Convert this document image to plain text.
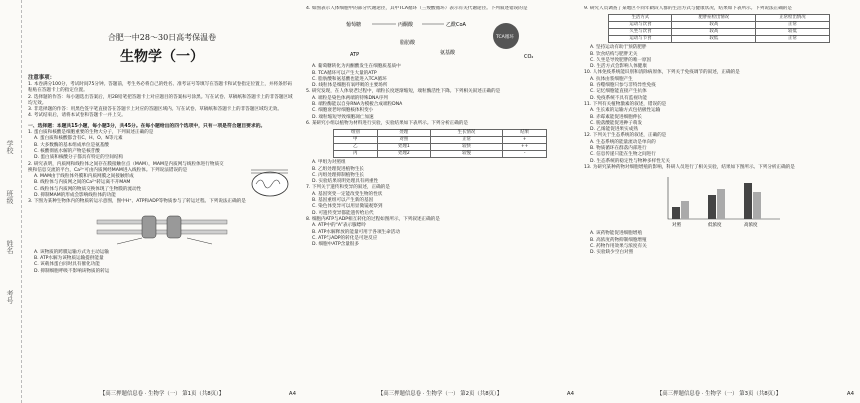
学校
班级
姓名
考号
合肥一中28～30日高考保温卷
生物学（一）
注意事项：
1. 本卷满分100分，考试时间75分钟。答题前，考生务必将自己的姓名、准考证号等填写在答题卡和试卷指定位置上，并将条形码粘贴在答题卡上的指定位置。
2. 选择题的作答：每小题选出答案后，用2B铅笔把答题卡上对应题目的答案标号涂黑。写在试卷、草稿纸和答题卡上的非答题区域均无效。
3. 非选择题的作答：用黑色签字笔直接答在答题卡上对应的答题区域内。写在试卷、草稿纸和答题卡上的非答题区域均无效。
4. 考试结束后，请将本试卷和答题卡一并上交。
一、选择题：本题共15小题，每小题3分，共45分。在每小题给出的四个选项中，只有一项是符合题目要求的。
1. 蛋白质和核酸是细胞重要的生物大分子，下列叙述正确的是
A. 蛋白质和核酸都含有C、H、O、N等元素
B. 大多数酶的基本组成单位是氨基酸
C. 核酸彻底水解的产物是核苷酸
D. 蛋白质和核酸分子都具有特定的空间结构
2. 研究表明，内质网和线粒体之间存在膜接触位点（MAM），MAM是内质网与线粒体进行物质交换和信息交流的平台，Ca²⁺可由内质网经MAM进入线粒体。下列说法错误的是
A. MAM由于线粒体外膜和内质网膜之间接触形成
B. 线粒体与内质网之间的Ca²⁺转运离不开MAM
C. 线粒体与内质网的物质交换体现了生物膜的流动性
D. 抑制MAM的形成会影响线粒体的功能
3. 下图为某种生物体内的物质转运示意图，图中H⁺、ATP和ADP等物质参与了转运过程。下列说法正确的是
A. 该物质的跨膜运输方式为主动运输
B. ATP水解为该物质运输提供能量
C. 该载体蛋白同时具有催化功能
D. 抑制细胞呼吸不影响该物质的转运
4. 如图表示人体细胞中的部分代谢途径，其中TCA循环（三羧酸循环）表示有关代谢途径。下列叙述错误的是
葡萄糖	丙酮酸	乙酰CoA
TCA循环
脂肪酸
氨基酸
ATP	CO₂
A. 葡萄糖转化为丙酮酸发生在细胞质基质中
B. TCA循环可以产生大量的ATP
C. 脂肪酸和氨基酸也能进入TCA循环
D. 线粒体是细胞有氧呼吸的主要场所
5. 研究发现，在人体衰老过程中，端粒长度逐渐缩短，端粒酶活性下降。下列相关叙述正确的是
A. 端粒是染色体两端的特殊DNA序列
B. 端粒酶能以自身RNA为模板合成端粒DNA
C. 细胞衰老时细胞核体积变小
D. 端粒缩短导致细胞凋亡加速
6. 某研究小组以植物为材料进行实验，实验结果如下表所示。下列分析正确的是
组别	处理	生长情况	结果
甲	对照	正常	+
乙	处理1	较快	++
丙	处理2	较慢	-
A. 甲组为对照组
B. 乙组处理促进植物生长
C. 丙组处理抑制植物生长
D. 实验结果说明处理具有两重性
7. 下列关于遗传和变异的叙述，正确的是
A. 基因突变一定能改变生物的性状
B. 基因重组可以产生新的基因
C. 染色体变异可以用显微镜观察到
D. 可遗传变异都能遗传给后代
8. 细胞内ATP与ADP相互转化的过程如图所示，下列叙述正确的是
A. ATP中的“A”表示腺嘌呤
B. ATP水解释放的能量可用于各项生命活动
C. ATP与ADP的转化是可逆反应
D. 细胞中ATP含量很多
9. 研究人员调查了某地区不同年龄段人群的生活方式与健康状况，结果如下表所示。下列说法正确的是
生活方式	肥胖症检出情况	正常检出情况
运动与饮食	较高	正常
久坐与饮食	较高	较低
运动与节食	较低	正常
A. 坚持运动有助于预防肥胖
B. 饮食结构与肥胖无关
C. 久坐是导致肥胖的唯一原因
D. 生活方式会影响人体健康
10. 人体免疫系统能识别和清除病原体，下列关于免疫调节的叙述，正确的是
A. 抗体由浆细胞产生
B. 吞噬细胞只参与非特异性免疫
C. 记忆细胞能直接产生抗体
D. 免疫系统不具有监视功能
11. 下列有关植物激素的叙述，错误的是
A. 生长素的运输方式包括极性运输
B. 赤霉素能促进细胞伸长
C. 脱落酸能促进种子萌发
D. 乙烯能促进果实成熟
12. 下列关于生态系统的叙述，正确的是
A. 生态系统的能量流动是单向的
B. 物质循环在群落内部进行
C. 信息传递只能在生物之间进行
D. 生态系统的稳定性与物种多样性无关
13. 为研究某种药物对细胞增殖的影响，科研人员进行了相关实验，结果如下图所示。下列分析正确的是
对照	低浓度	高浓度
A. 该药物能促进细胞增殖
B. 高浓度药物抑制细胞增殖
C. 药物作用效果与浓度有关
D. 实验缺少空白对照
【高三押题信息卷 · 生物学（一） 第1页（共8页）】	A4	【高三押题信息卷 · 生物学（一） 第2页（共8页）】	A4	【高三押题信息卷 · 生物学（一） 第3页（共8页）】	A4
